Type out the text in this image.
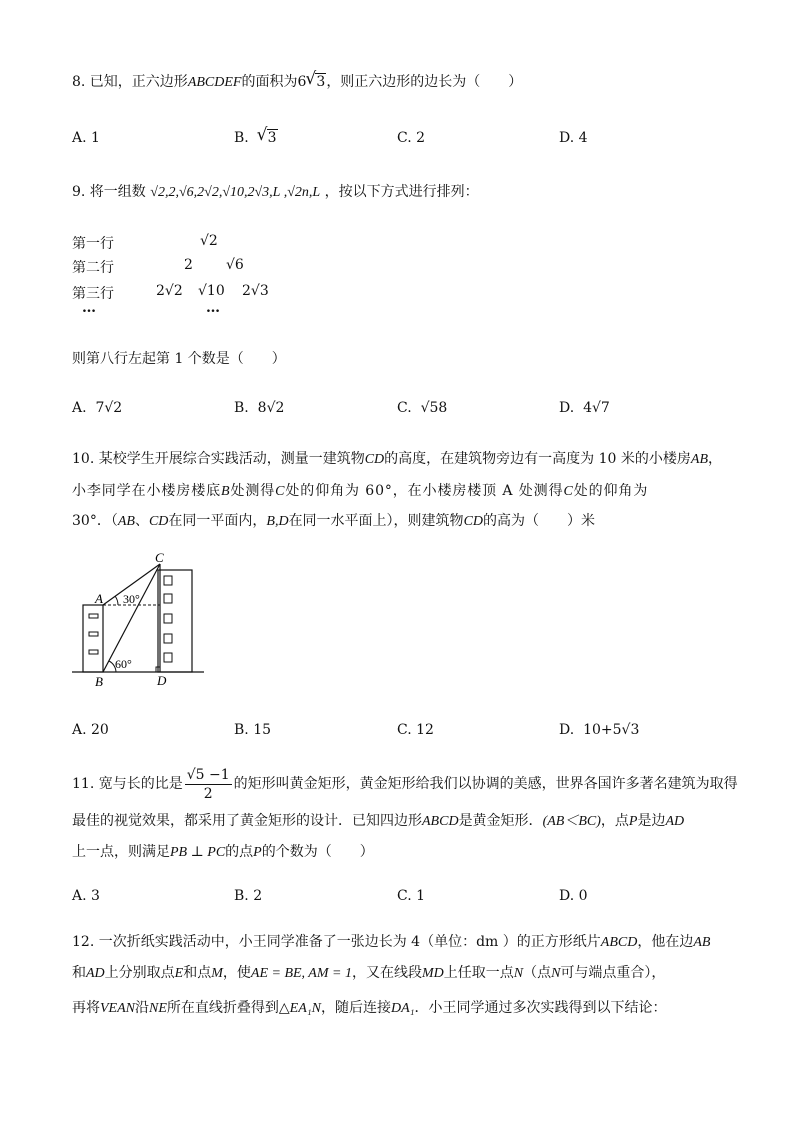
8. 已知，正六边形ABCDEF的面积为6 √ 3，则正六边形的边长为（　　）
A. 1	B. √ 3	C. 2	D. 4
9. 将一组数 √2,2,√6,2√2,√10,2√3,L ,√2n,L ，按以下方式进行排列：
第一行	√2
第二行	2 √6
第三行	2√2 √10 2√3
…	…
则第八行左起第 1 个数是（　　）
A. 7√2	B. 8√2	C. √58	D. 4√7
10. 某校学生开展综合实践活动，测量一建筑物CD的高度，在建筑物旁边有一高度为 10 米的小楼房AB，
小李同学在小楼房楼底B处测得C处的仰角为 60°，在小楼房楼顶 A 处测得C处的仰角为
30°．（AB、CD在同一平面内，B,D在同一水平面上），则建筑物CD的高为（　　）米
C
A
B	D
30°
60°
A. 20	B. 15	C. 12	D. 10+5√3
11. 宽与长的比是 $\frac{√5 -1}{2}$ 的矩形叫黄金矩形，黄金矩形给我们以协调的美感，世界各国许多著名建筑为取得
最佳的视觉效果，都采用了黄金矩形的设计．已知四边形ABCD是黄金矩形．(AB＜BC)，点P是边AD
上一点，则满足PB ⊥ PC的点P的个数为（　　）
A. 3	B. 2	C. 1	D. 0
12. 一次折纸实践活动中，小王同学准备了一张边长为 4（单位：dm ）的正方形纸片ABCD，他在边AB
和AD上分别取点E和点M，使AE = BE, AM = 1，又在线段MD上任取一点N（点N可与端点重合），
再将VEAN沿NE所在直线折叠得到△EA₁N，随后连接DA₁．小王同学通过多次实践得到以下结论：
